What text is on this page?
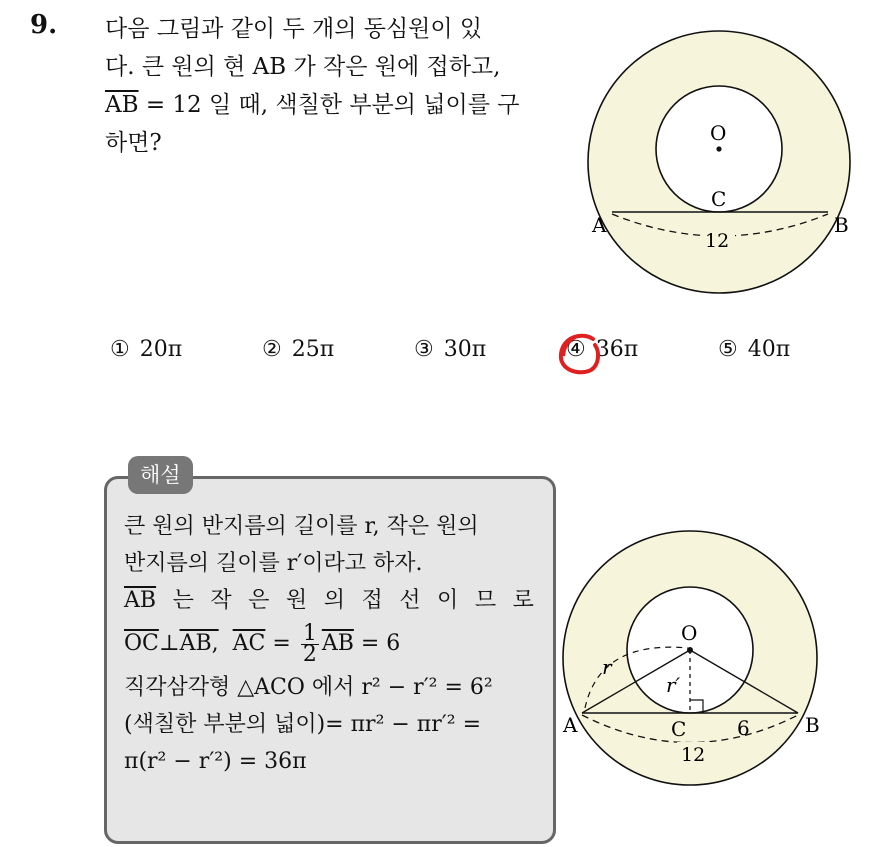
9. 다음 그림과 같이 두 개의 동심원이 있
다. 큰 원의 현 AB 가 작은 원에 접하고,
$\overline{AB} = 12$ 일 때, 색칠한 부분의 넓이를 구
하면?	O
C
A	B
12
① 20π	② 25π	③ 30π	④ 36π	⑤ 40π
해설
큰 원의 반지름의 길이를 r, 작은 원의
반지름의 길이를 r′이라고 하자.
$\overline{AB}$ 는 작 은 원 의 접 선 이 므 로
$\overline{OC}\perp AB$, $\overline{AC} = \frac{1}{2} \overline{AB} = 6$
직각삼각형 △ACO 에서 r² − r′² = 6²
(색칠한 부분의 넓이)= πr² − πr′² =
π(r² − r′²) = 36π
O
r
r′
C	6
A	B
12
